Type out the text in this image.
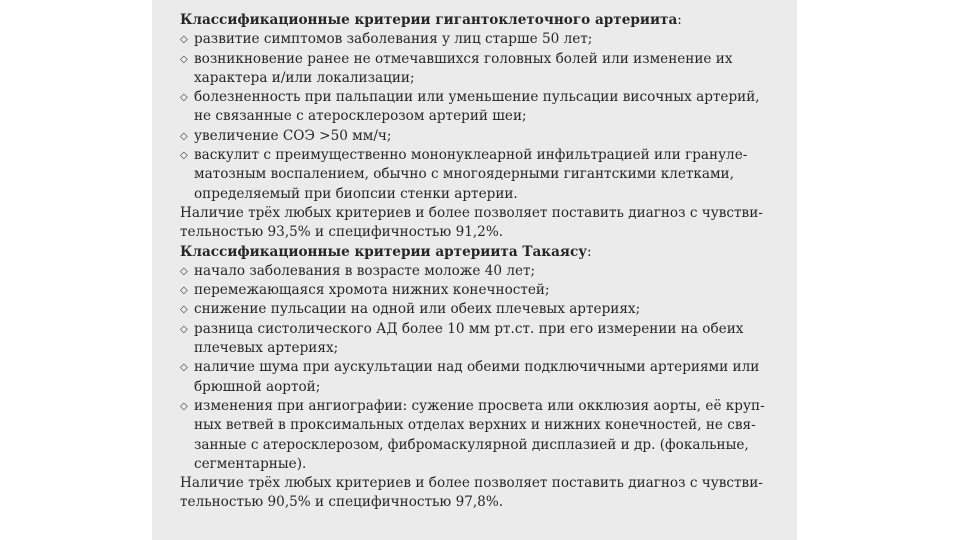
Классификационные критерии гигантоклеточного артериита:

◇ развитие симптомов заболевания у лиц старше 50 лет;
◇ возникновение ранее не отмечавшихся головных болей или изменение их
характера и/или локализации;
◇ болезненность при пальпации или уменьшение пульсации височных артерий,
не связанные с атеросклерозом артерий шеи;
◇ увеличение СОЭ >50 мм/ч;
◇ васкулит с преимущественно мононуклеарной инфильтрацией или грануле-
матозным воспалением, обычно с многоядерными гигантскими клетками,
определяемый при биопсии стенки артерии.

Наличие трёх любых критериев и более позволяет поставить диагноз с чувстви-
тельностью 93,5% и специфичностью 91,2%.

Классификационные критерии артериита Такаясу:

◇ начало заболевания в возрасте моложе 40 лет;
◇ перемежающаяся хромота нижних конечностей;
◇ снижение пульсации на одной или обеих плечевых артериях;
◇ разница систолического АД более 10 мм рт.ст. при его измерении на обеих
плечевых артериях;
◇ наличие шума при аускультации над обеими подключичными артериями или
брюшной аортой;
◇ изменения при ангиографии: сужение просвета или окклюзия аорты, её круп-
ных ветвей в проксимальных отделах верхних и нижних конечностей, не свя-
занные с атеросклерозом, фибромаскулярной дисплазией и др. (фокальные,
сегментарные).

Наличие трёх любых критериев и более позволяет поставить диагноз с чувстви-
тельностью 90,5% и специфичностью 97,8%.
